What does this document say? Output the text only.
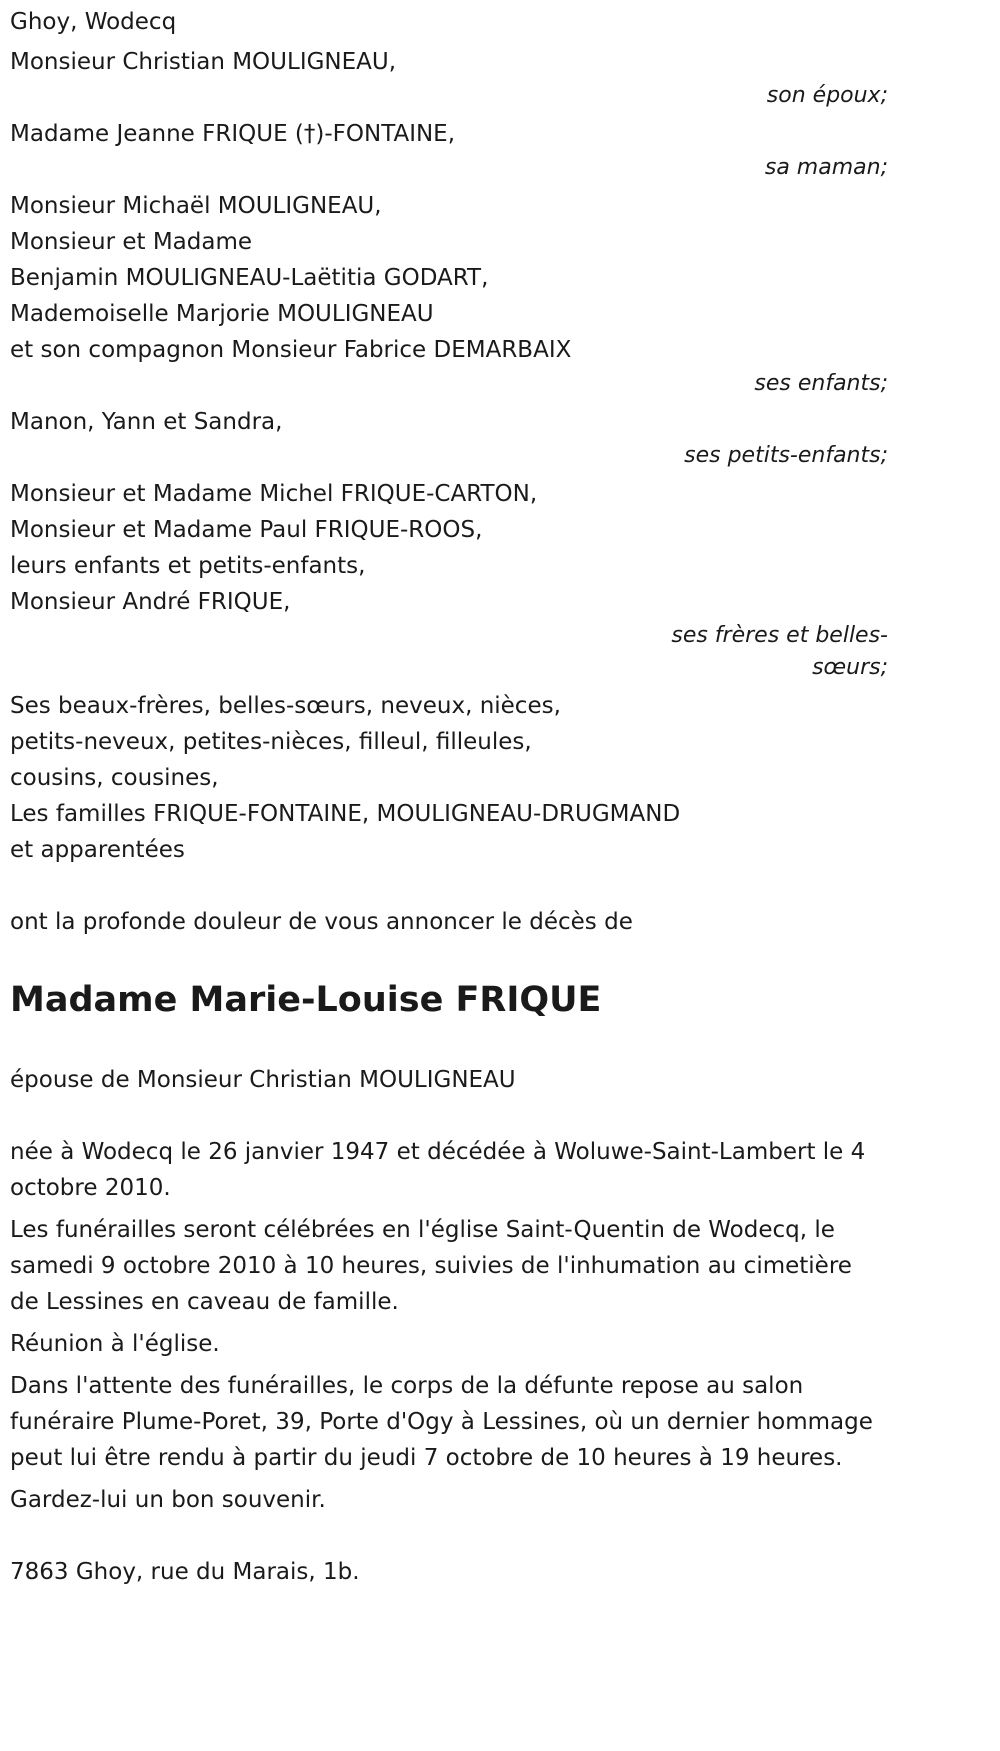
Ghoy, Wodecq
Monsieur Christian MOULIGNEAU,
son époux;
Madame Jeanne FRIQUE (†)-FONTAINE,
sa maman;
Monsieur Michaël MOULIGNEAU,
Monsieur et Madame
Benjamin MOULIGNEAU-Laëtitia GODART,
Mademoiselle Marjorie MOULIGNEAU
et son compagnon Monsieur Fabrice DEMARBAIX
ses enfants;
Manon, Yann et Sandra,
ses petits-enfants;
Monsieur et Madame Michel FRIQUE-CARTON,
Monsieur et Madame Paul FRIQUE-ROOS,
leurs enfants et petits-enfants,
Monsieur André FRIQUE,
ses frères et belles-
sœurs;
Ses beaux-frères, belles-sœurs, neveux, nièces,
petits-neveux, petites-nièces, filleul, filleules,
cousins, cousines,
Les familles FRIQUE-FONTAINE, MOULIGNEAU-DRUGMAND
et apparentées
ont la profonde douleur de vous annoncer le décès de
Madame Marie-Louise FRIQUE
épouse de Monsieur Christian MOULIGNEAU

née à Wodecq le 26 janvier 1947 et décédée à Woluwe-Saint-Lambert le 4 octobre 2010.

Les funérailles seront célébrées en l'église Saint-Quentin de Wodecq, le samedi 9 octobre 2010 à 10 heures, suivies de l'inhumation au cimetière de Lessines en caveau de famille.

Réunion à l'église.

Dans l'attente des funérailles, le corps de la défunte repose au salon funéraire Plume-Poret, 39, Porte d'Ogy à Lessines, où un dernier hommage peut lui être rendu à partir du jeudi 7 octobre de 10 heures à 19 heures.

Gardez-lui un bon souvenir.

7863 Ghoy, rue du Marais, 1b.
